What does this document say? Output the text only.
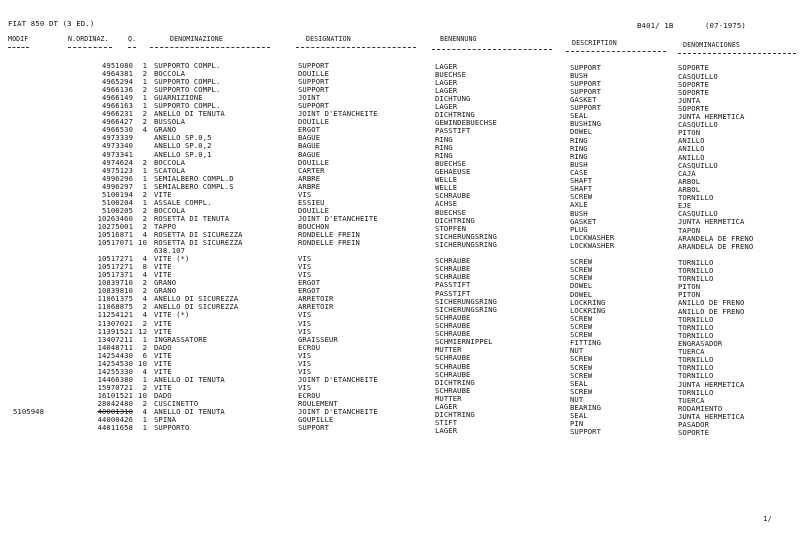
FIAT 850 DT (3 ED.)	B401/ 1B	(07-1975)
MODIF	N.ORDINAZ.	Q.	DENOMINAZIONE	DESIGNATION	BENENNUNG	DESCRIPTION	DENOMINACIONES
4951080	1 SUPPORTO COMPL.	SUPPORT	LAGER	SUPPORT	SOPORTE
4964381	2 BOCCOLA	DOUILLE	BUECHSE	BUSH	CASQUILLO
4965294	1 SUPPORTO COMPL.	SUPPORT	LAGER	SUPPORT	SOPORTE
4966136	2 SUPPORTO COMPL.	SUPPORT	LAGER	SUPPORT	SOPORTE
4966149	1 GUARNIZIONE	JOINT	DICHTUNG	GASKET	JUNTA
4966163	1 SUPPORTO COMPL.	SUPPORT	LAGER	SUPPORT	SOPORTE
4966231	2 ANELLO DI TENUTA	JOINT D'ETANCHEITE	DICHTRING	SEAL	JUNTA HERMETICA
4966427	2 BUSSOLA	DOUILLE	GEWINDEBUECHSE	BUSHING	CASQUILLO
4966530	4 GRANO	ERGOT	PASSTIFT	DOWEL	PITON
4973339	ANELLO SP.0,5	BAGUE	RING	RING	ANILLO
4973340	ANELLO SP.0,2	BAGUE	RING	RING	ANILLO
4973341	ANELLO SP.0,1	BAGUE	RING	RING	ANILLO
4974624	2 BOCCOLA	DOUILLE	BUECHSE	BUSH	CASQUILLO
4975123	1 SCATOLA	CARTER	GEHAEUSE	CASE	CAJA
4996296	1 SEMIALBERO COMPL.D	ARBRE	WELLE	SHAFT	ARBOL
4996297	1 SEMIALBERO COMPL.S	ARBRE	WELLE	SHAFT	ARBOL
5100194	2 VITE	VIS	SCHRAUBE	SCREW	TORNILLO
5100204	1 ASSALE COMPL.	ESSIEU	ACHSE	AXLE	EJE
5100205	2 BOCCOLA	DOUILLE	BUECHSE	BUSH	CASQUILLO
10263460	2 ROSETTA DI TENUTA	JOINT D'ETANCHEITE	DICHTRING	GASKET	JUNTA HERMETICA
10275001	2 TAPPO	BOUCHON	STOPFEN	PLUG	TAPON
10516871	4 ROSETTA DI SICUREZZA	RONDELLE FREIN	SICHERUNGSRING	LOCKWASHER	ARANDELA DE FRENO
10517071 10 ROSETTA DI SICUREZZA	RONDELLE FREIN	SICHERUNGSRING	LOCKWASHER	ARANDELA DE FRENO
638.107
10517271	4 VITE (*)	VIS	SCHRAUBE	SCREW	TORNILLO
10517271	8 VITE	VIS	SCHRAUBE	SCREW	TORNILLO
10517371	4 VITE	VIS	SCHRAUBE	SCREW	TORNILLO
10839710	2 GRANO	ERGOT	PASSTIFT	DOWEL	PITON
10839810	2 GRANO	ERGOT	PASSTIFT	DOWEL	PITON
11061375	4 ANELLO DI SICUREZZA	ARRETOIR	SICHERUNGSRING	LOCKRING	ANILLO DE FRENO
11068875	2 ANELLO DI SICUREZZA	ARRETOIR	SICHERUNGSRING	LOCKRING	ANILLO DE FRENO
11254121	4 VITE (*)	VIS	SCHRAUBE	SCREW	TORNILLO
11307021	2 VITE	VIS	SCHRAUBE	SCREW	TORNILLO
11391521 12 VITE	VIS	SCHRAUBE	SCREW	TORNILLO
13407211	1 INGRASSATORE	GRAISSEUR	SCHMIERNIPPEL	FITTING	ENGRASADOR
14048711	2 DADO	ECROU	MUTTER	NUT	TUERCA
14254430	6 VITE	VIS	SCHRAUBE	SCREW	TORNILLO
14254530 10 VITE	VIS	SCHRAUBE	SCREW	TORNILLO
14255330	4 VITE	VIS	SCHRAUBE	SCREW	TORNILLO
14466380	1 ANELLO DI TENUTA	JOINT D'ETANCHEITE	DICHTRING	SEAL	JUNTA HERMETICA
15970721	2 VITE	VIS	SCHRAUBE	SCREW	TORNILLO
16101521 10 DADO	ECROU	MUTTER	NUT	TUERCA
28042480	2 CUSCINETTO	ROULEMENT	LAGER	BEARING	RODAMIENTO
5105948	40001310	4 ANELLO DI TENUTA	JOINT D'ETANCHEITE	DICHTRING	SEAL	JUNTA HERMETICA
44000426	1 SPINA	GOUPILLE	STIFT	PIN	PASADOR
44011658	1 SUPPORTO	SUPPORT	LAGER	SUPPORT	SOPORTE
1/
